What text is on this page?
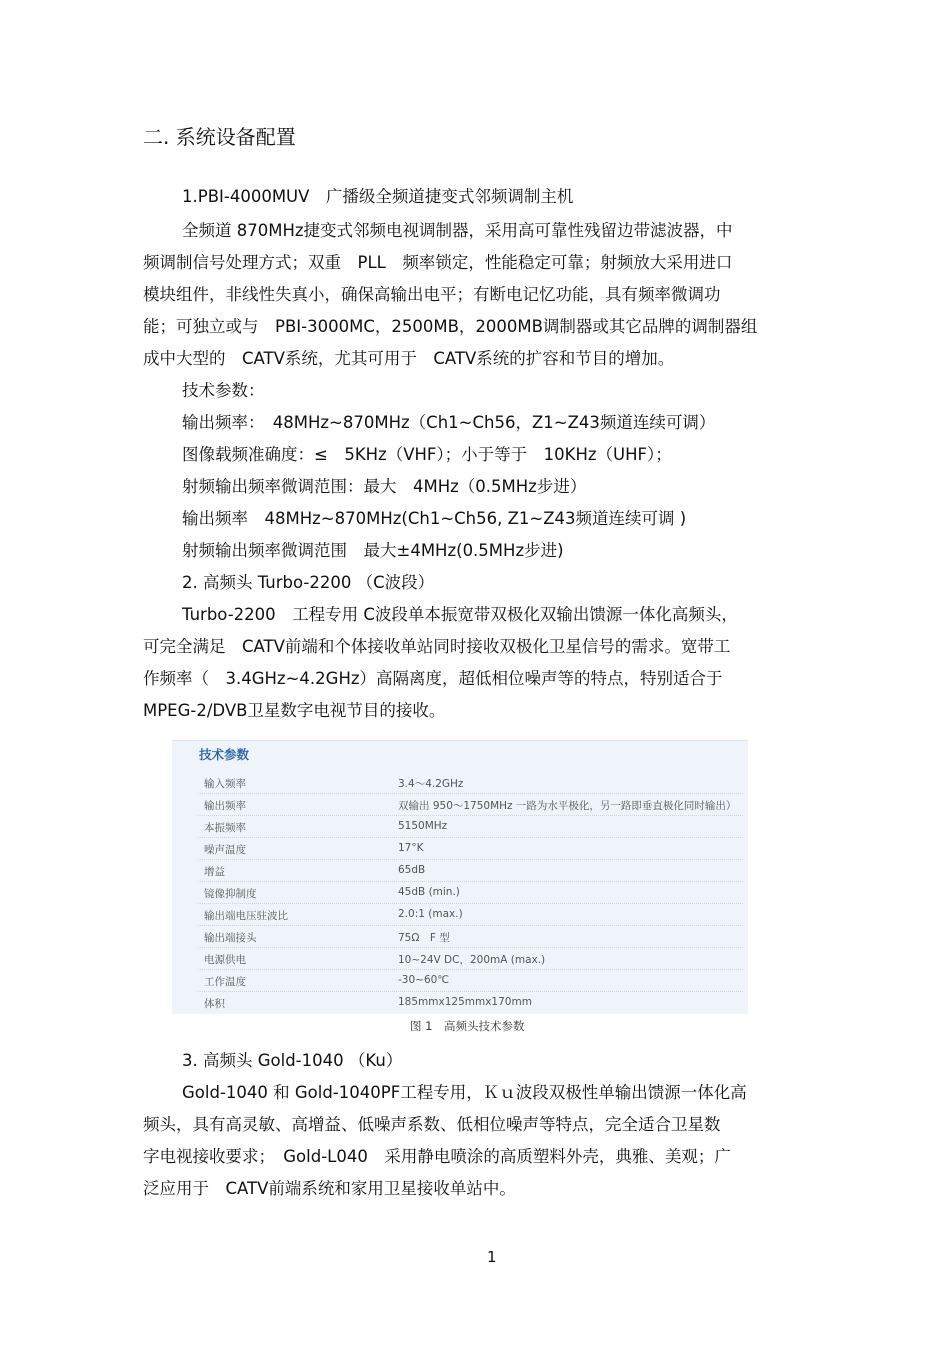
二. 系统设备配置
1.PBI-4000MUV　广播级全频道捷变式邻频调制主机
全频道 870MHz捷变式邻频电视调制器，采用高可靠性残留边带滤波器，中
频调制信号处理方式；双重　PLL　频率锁定，性能稳定可靠；射频放大采用进口
模块组件，非线性失真小，确保高输出电平；有断电记忆功能，具有频率微调功
能；可独立或与　PBI-3000MC，2500MB，2000MB调制器或其它品牌的调制器组
成中大型的　CATV系统，尤其可用于　CATV系统的扩容和节目的增加。
技术参数：
输出频率：　48MHz~870MHz（Ch1~Ch56，Z1~Z43频道连续可调）
图像载频准确度：≤　5KHz（VHF）；小于等于　10KHz（UHF）；
射频输出频率微调范围：最大　4MHz（0.5MHz步进）
输出频率　48MHz~870MHz(Ch1~Ch56, Z1~Z43频道连续可调 )
射频输出频率微调范围　最大±4MHz(0.5MHz步进)
2. 高频头 Turbo-2200 （C波段）
Turbo-2200　工程专用 C波段单本振宽带双极化双输出馈源一体化高频头，
可完全满足　CATV前端和个体接收单站同时接收双极化卫星信号的需求。宽带工
作频率（　3.4GHz~4.2GHz）高隔离度，超低相位噪声等的特点，特别适合于
MPEG-2/DVB卫星数字电视节目的接收。
技术参数
输入频率	3.4～4.2GHz
输出频率	双输出 950～1750MHz 一路为水平极化，另一路即垂直极化同时输出）
本振频率	5150MHz
噪声温度	17°K
增益	65dB
镜像抑制度	45dB (min.)
输出端电压驻波比	2.0:1 (max.)
输出端接头	75Ω　F 型
电源供电	10~24V DC，200mA (max.)
工作温度	-30~60℃
体积	185mmx125mmx170mm
图 1　高频头技术参数
3. 高频头 Gold-1040 （Ku）
Gold-1040 和 Gold-1040PF工程专用，Ｋｕ波段双极性单输出馈源一体化高
频头，具有高灵敏、高增益、低噪声系数、低相位噪声等特点，完全适合卫星数
字电视接收要求；　Gold-L040　采用静电喷涂的高质塑料外壳，典雅、美观；广
泛应用于　CATV前端系统和家用卫星接收单站中。
1
